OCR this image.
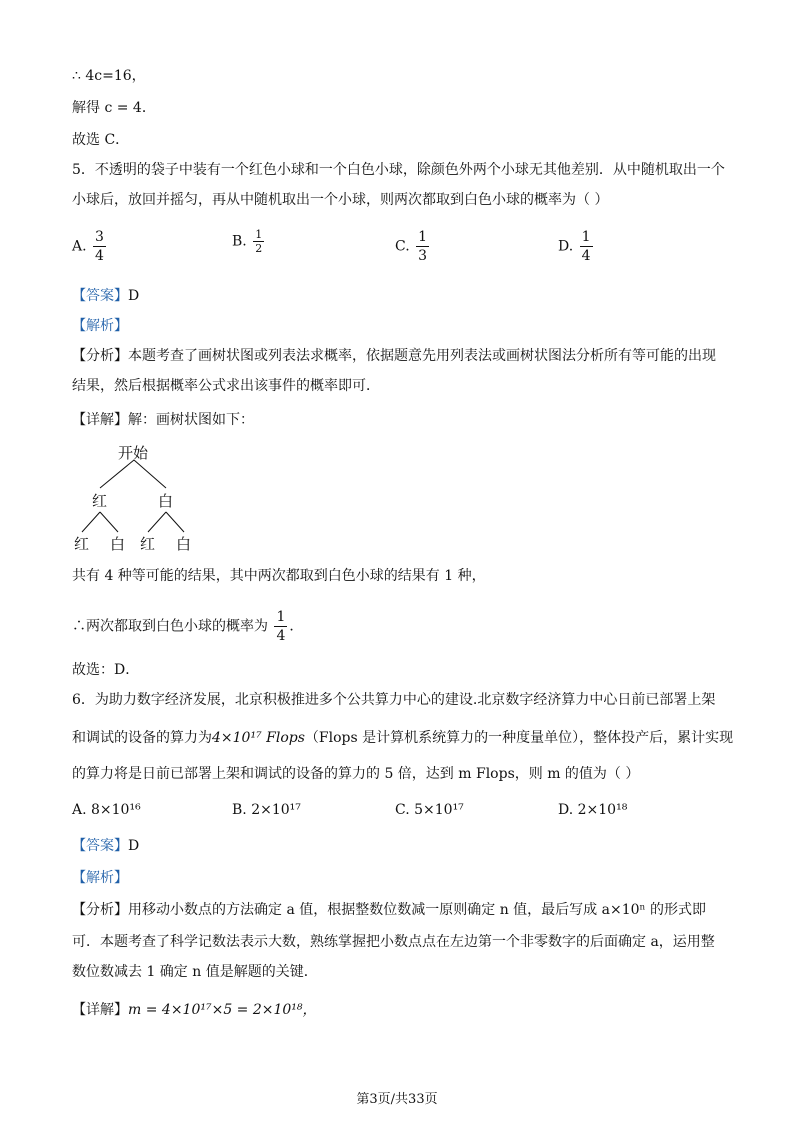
∴ 4c=16，
解得 c = 4．
故选 C．
5．不透明的袋子中装有一个红色小球和一个白色小球，除颜色外两个小球无其他差别．从中随机取出一个
小球后，放回并摇匀，再从中随机取出一个小球，则两次都取到白色小球的概率为（ ）
A. $\frac{3}{4}$	B. $\frac{1}{2}$	C. $\frac{1}{3}$	D. $\frac{1}{4}$
【答案】D
【解析】
【分析】本题考查了画树状图或列表法求概率，依据题意先用列表法或画树状图法分析所有等可能的出现
结果，然后根据概率公式求出该事件的概率即可．
【详解】解：画树状图如下：
开始
红	白
红 白 红 白
共有 4 种等可能的结果，其中两次都取到白色小球的结果有 1 种，
∴两次都取到白色小球的概率为 $\frac{1}{4}$ ．
故选：D．
6．为助力数字经济发展，北京积极推进多个公共算力中心的建设.北京数字经济算力中心日前已部署上架
和调试的设备的算力为4×10¹⁷ Flops（Flops 是计算机系统算力的一种度量单位），整体投产后，累计实现
的算力将是日前已部署上架和调试的设备的算力的 5 倍，达到 m Flops，则 m 的值为（ ）
A. 8×10¹⁶	B. 2×10¹⁷	C. 5×10¹⁷	D. 2×10¹⁸
【答案】D
【解析】
【分析】用移动小数点的方法确定 a 值，根据整数位数减一原则确定 n 值，最后写成 a×10ⁿ 的形式即
可．本题考查了科学记数法表示大数，熟练掌握把小数点点在左边第一个非零数字的后面确定 a，运用整
数位数减去 1 确定 n 值是解题的关键．
【详解】m = 4×10¹⁷×5 = 2×10¹⁸，
第3页/共33页
